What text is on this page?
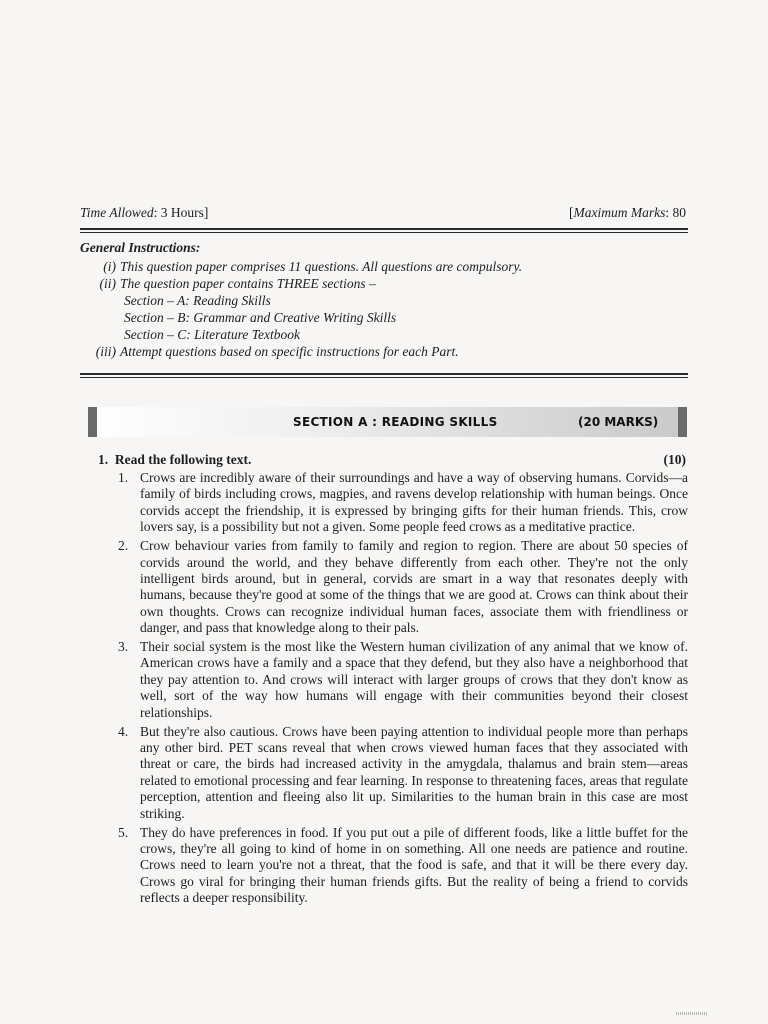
Time Allowed: 3 Hours]	[Maximum Marks: 80
General Instructions:
(i) This question paper comprises 11 questions. All questions are compulsory.
(ii) The question paper contains THREE sections –
Section – A: Reading Skills
Section – B: Grammar and Creative Writing Skills
Section – C: Literature Textbook
(iii) Attempt questions based on specific instructions for each Part.
SECTION A : READING SKILLS	(20 MARKS)
1. Read the following text.	(10)
1. Crows are incredibly aware of their surroundings and have a way of observing humans. Corvids—a family of birds including crows, magpies, and ravens develop relationship with human beings. Once corvids accept the friendship, it is expressed by bringing gifts for their human friends. This, crow lovers say, is a possibility but not a given. Some people feed crows as a meditative practice.
2. Crow behaviour varies from family to family and region to region. There are about 50 species of corvids around the world, and they behave differently from each other. They're not the only intelligent birds around, but in general, corvids are smart in a way that resonates deeply with humans, because they're good at some of the things that we are good at. Crows can think about their own thoughts. Crows can recognize individual human faces, associate them with friendliness or danger, and pass that knowledge along to their pals.
3. Their social system is the most like the Western human civilization of any animal that we know of. American crows have a family and a space that they defend, but they also have a neighborhood that they pay attention to. And crows will interact with larger groups of crows that they don't know as well, sort of the way how humans will engage with their communities beyond their closest relationships.
4. But they're also cautious. Crows have been paying attention to individual people more than perhaps any other bird. PET scans reveal that when crows viewed human faces that they associated with threat or care, the birds had increased activity in the amygdala, thalamus and brain stem—areas related to emotional processing and fear learning. In response to threatening faces, areas that regulate perception, attention and fleeing also lit up. Similarities to the human brain in this case are most striking.
5. They do have preferences in food. If you put out a pile of different foods, like a little buffet for the crows, they're all going to kind of home in on something. All one needs are patience and routine. Crows need to learn you're not a threat, that the food is safe, and that it will be there every day. Crows go viral for bringing their human friends gifts. But the reality of being a friend to corvids reflects a deeper responsibility.
